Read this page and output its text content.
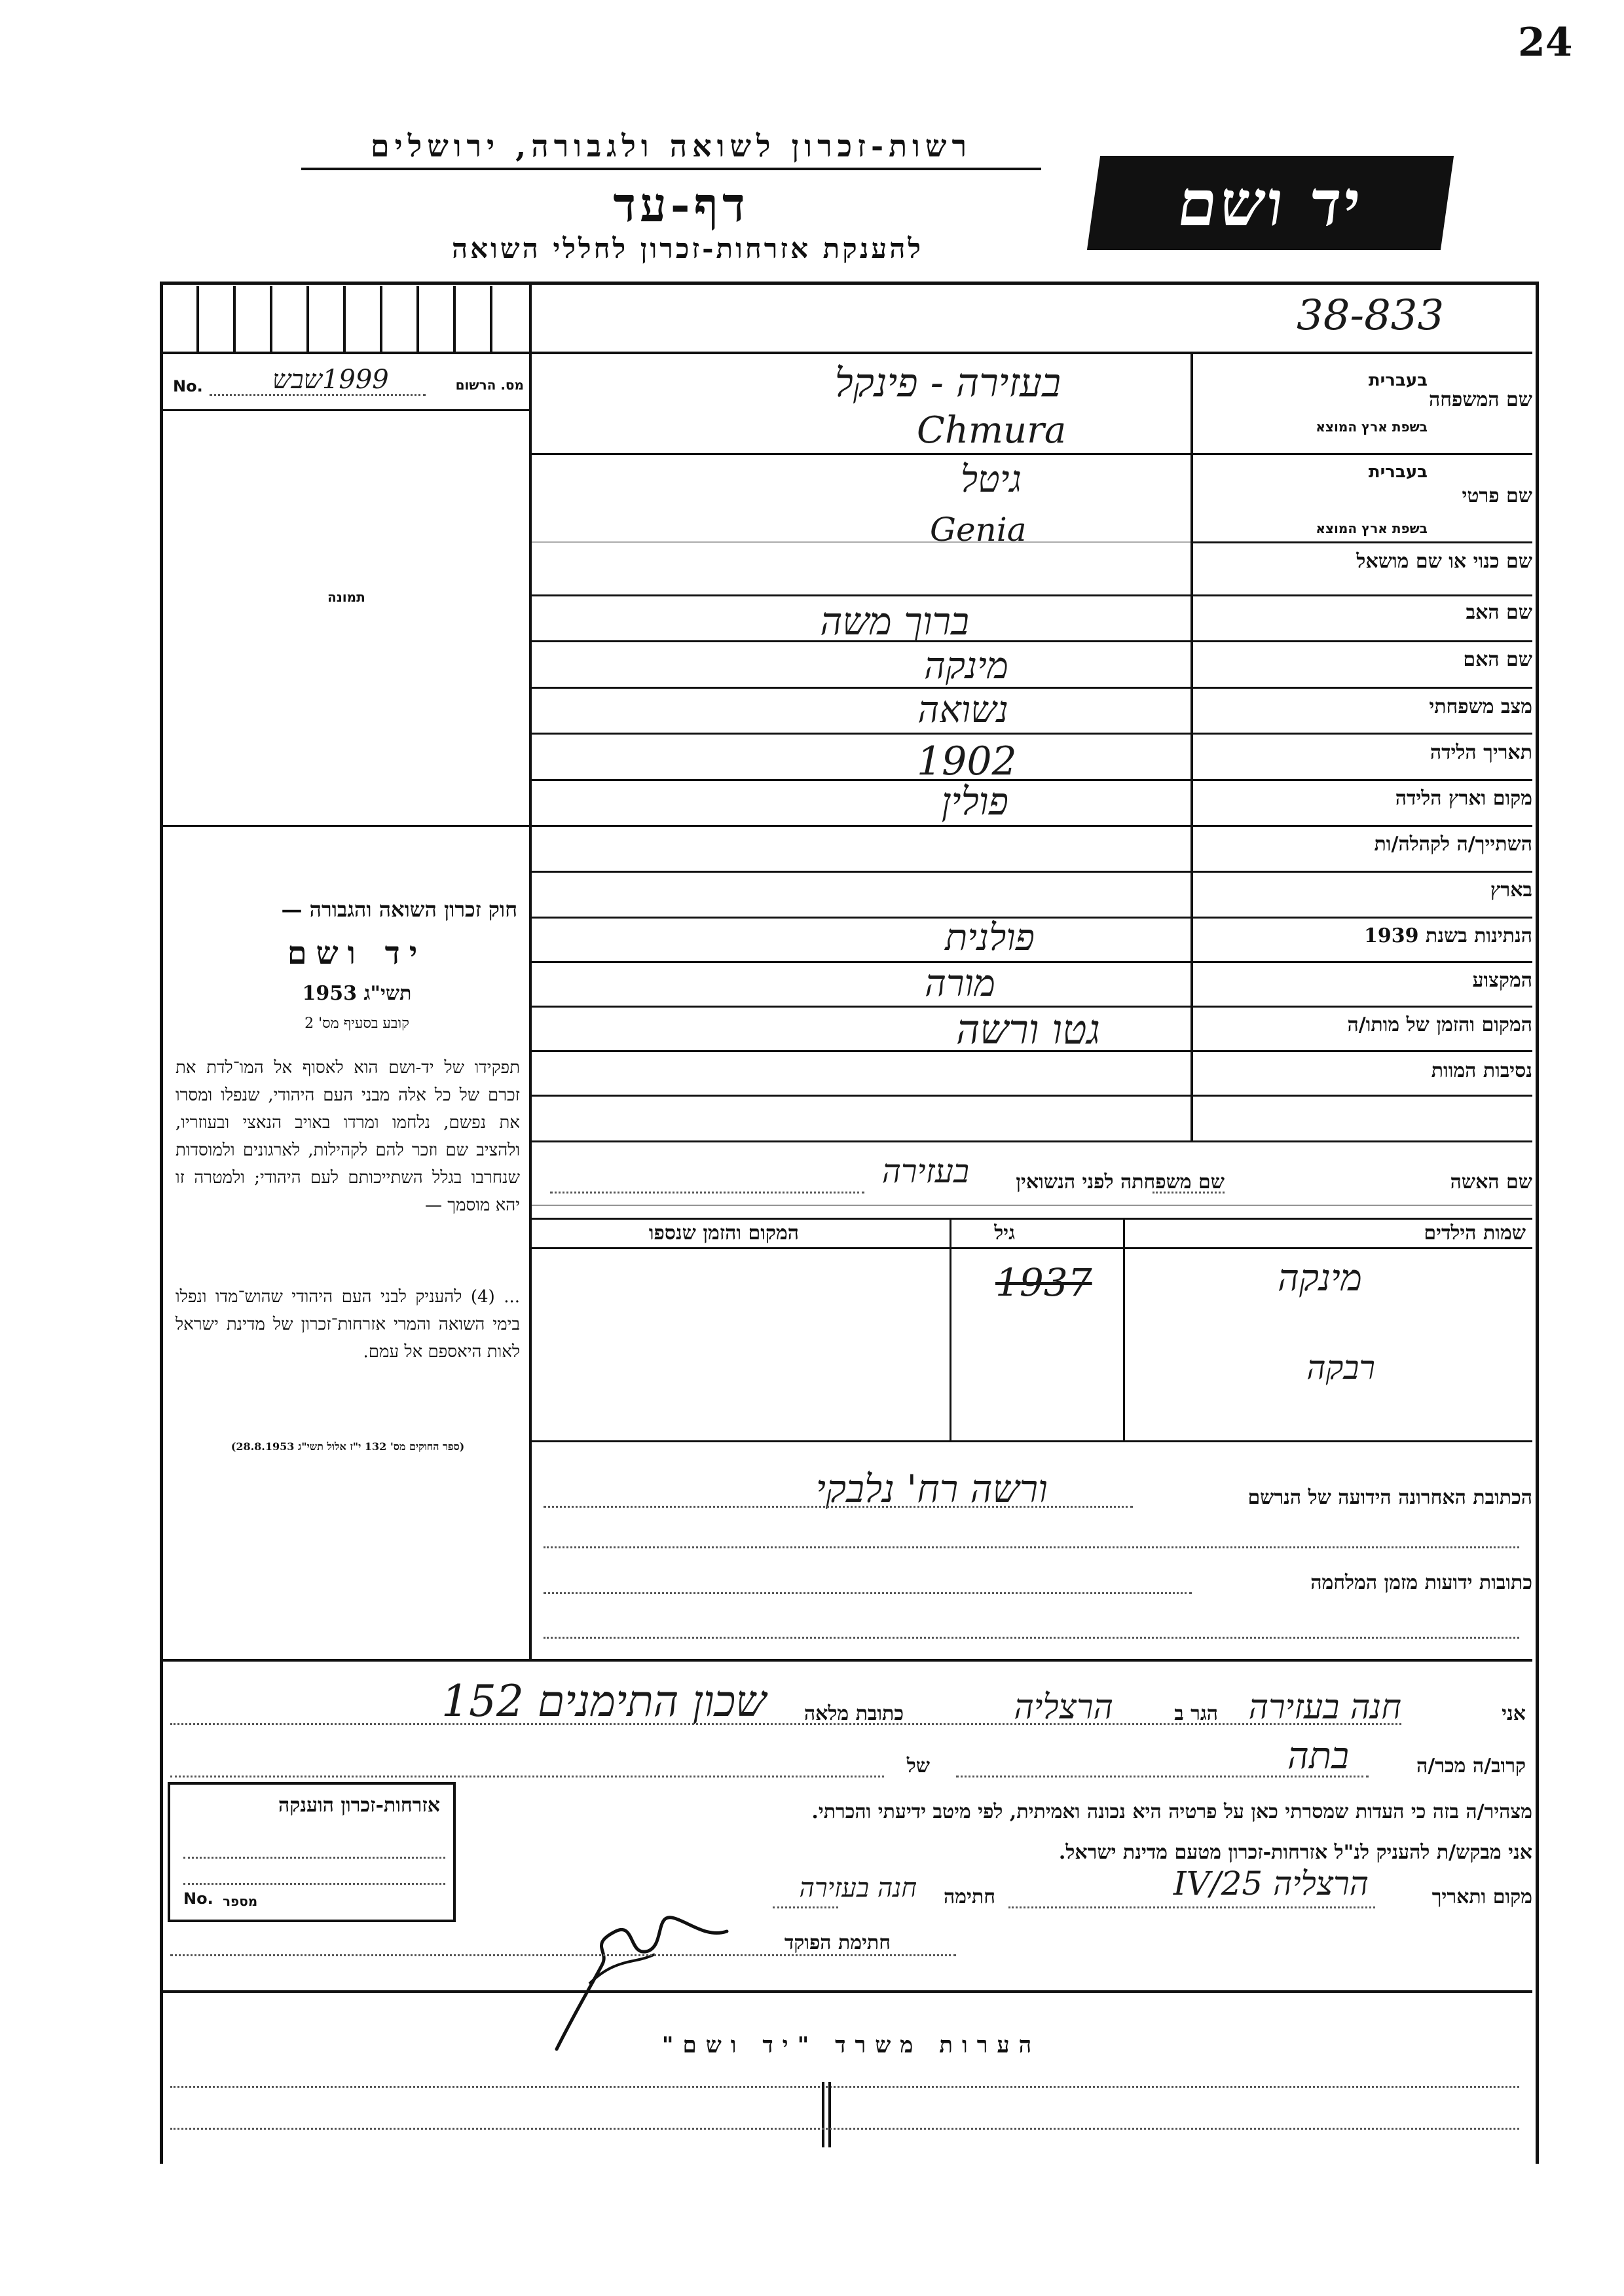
24
רשות-זכרון לשואה ולגבורה, ירושלים
דף-עד
להענקת אזרחות-זכרון לחללי השואה
יד ושם
38-833
מס. הרשום
1999שבש
No.
תמונה
חוק זכרון השואה והגבורה —
יד ושם
תשי"ג 1953
קובע בסעיף מס' 2
תפקידו של יד-ושם הוא לאסוף אל המו־לדת את זכרם של כל אלה מבני העם היהודי, שנפלו ומסרו את נפשם, נלחמו ומרדו באויב הנאצי ובעוזריו, ולהציב שם וזכר להם לקהילות, לארגונים ולמוסדות שנחרבו בגלל השתייכותם לעם היהודי; ולמטרה זו יהא מוסמך —
... (4) להעניק לבני העם היהודי שהוש־מדו ונפלו בימי השואה והמרי אזרחות־זכרון של מדינת ישראל לאות היאספם אל עמם.
(ספר החוקים מס' 132 י"ז אלול תשי"ג 28.8.1953)
שם המשפחה
בעברית
בשפת ארץ המוצא
בעזירה - פינקל
Chmura
שם פרטי
בעברית
בשפת ארץ המוצא
גיטל
Genia
שם כנוי או שם מושאל
שם האב
ברוך משה
שם האם
מינקה
מצב משפחתי
נשואה
תאריך הלידה
1902
מקום וארץ הלידה
פולין
השתייך/ה לקהלה/ות
בארץ
הנתינות בשנת 1939
פולנית
המקצוע
מורה
המקום והזמן של מותו/ה
גטו ורשה
נסיבות המוות
שם האשה
שם משפחתה לפני הנשואין
בעזירה
שמות הילדים
גיל
המקום והזמן שנספו
מינקה
רבקה
1937
הכתובת האחרונה הידועה של הנרשם
ורשה רח' נלבקי
כתובות ידועות מזמן המלחמה
אני
חנה בעזירה
הגר ב
הרצליה
כתובת מלאה
שכון התימנים 152
קרוב/ה מכר/ה
בתה
של
מצהיר/ה בזה כי העדות שמסרתי כאן על פרטיה היא נכונה ואמיתית, לפי מיטב ידיעתי והכרתי.
אני מבקש/ת להעניק לנ"ל אזרחות-זכרון מטעם מדינת ישראל.
מקום ותאריך
הרצליה 25/IV
חתימה
חנה בעזירה
חתימת הפוקד
אזרחות-זכרון הוענקה
No. מספר
הערות משרד "יד ושם"
